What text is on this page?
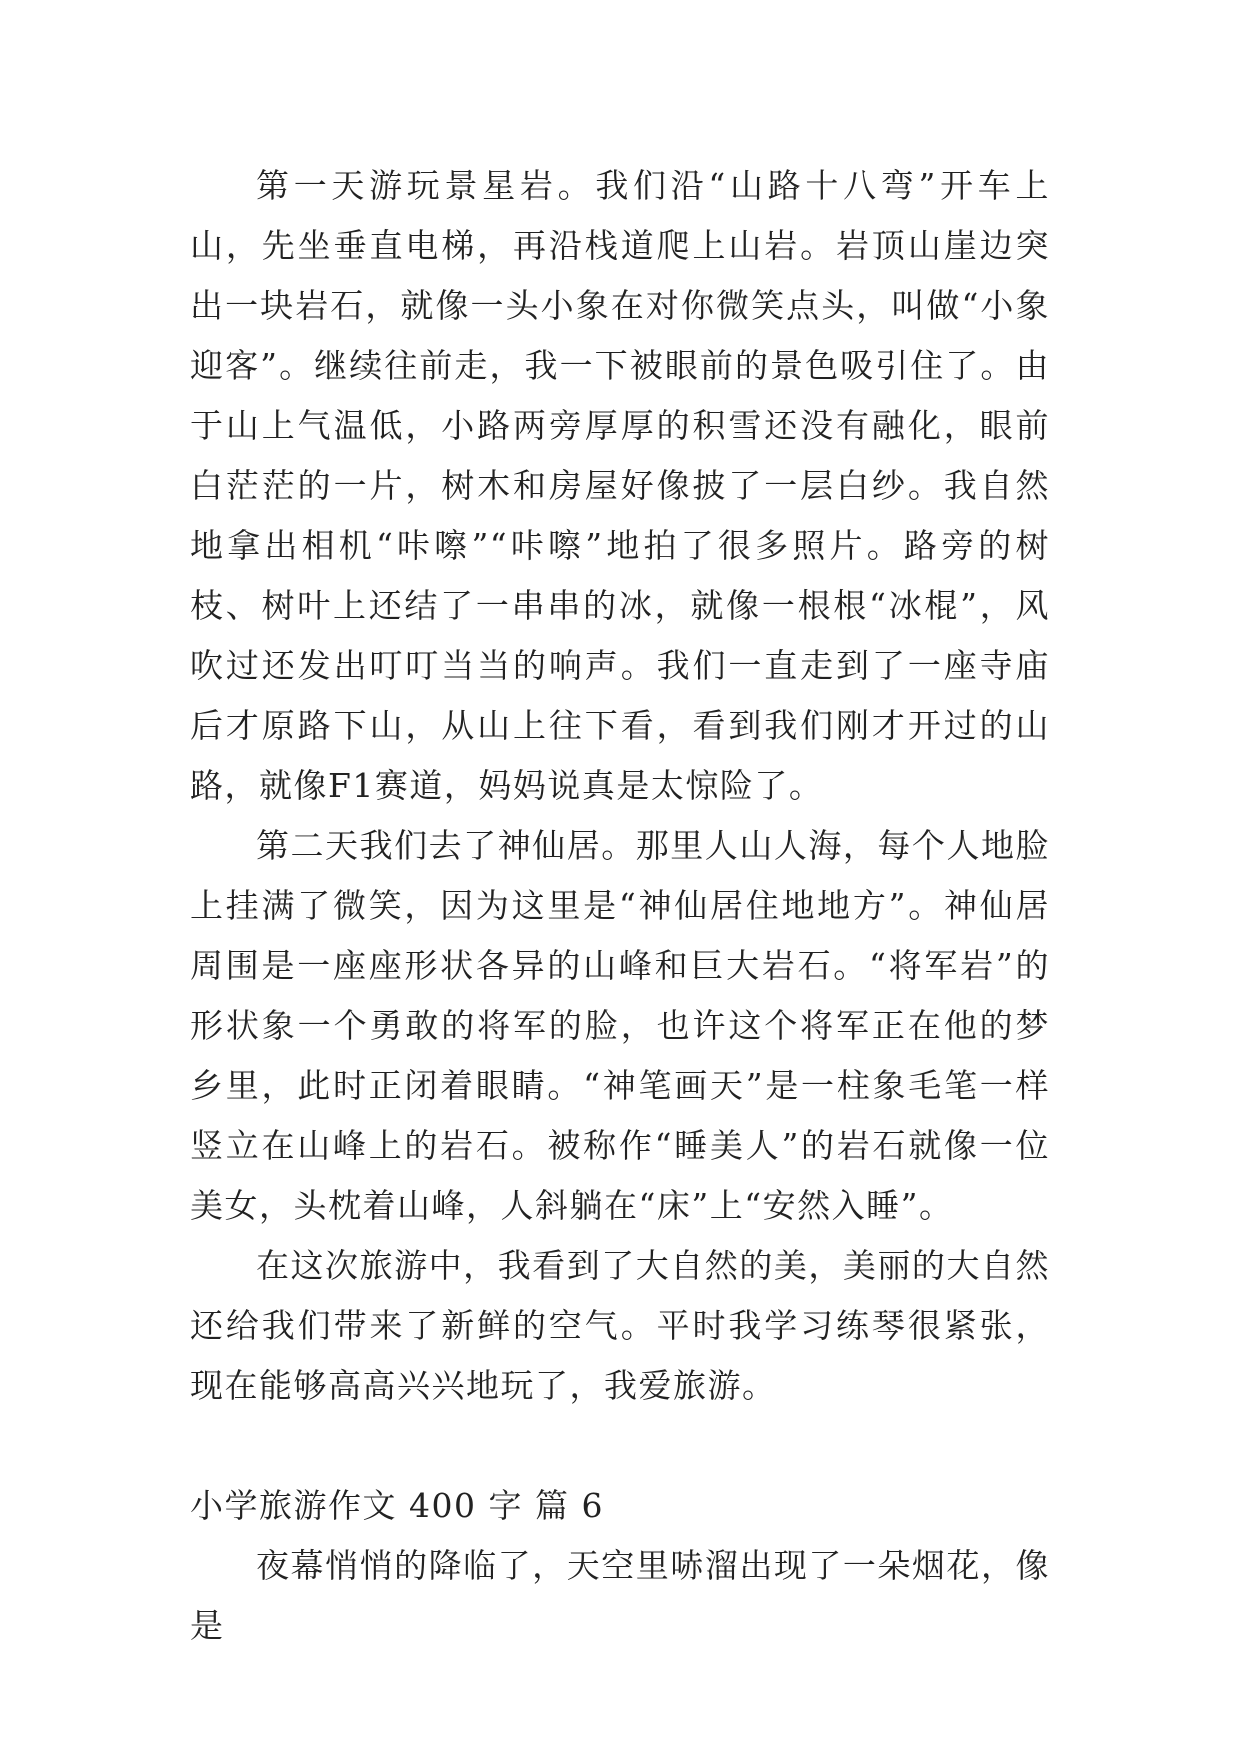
第一天游玩景星岩。我们沿“山路十八弯”开车上山，先坐垂直电梯，再沿栈道爬上山岩。岩顶山崖边突出一块岩石，就像一头小象在对你微笑点头，叫做“小象迎客”。继续往前走，我一下被眼前的景色吸引住了。由于山上气温低，小路两旁厚厚的积雪还没有融化，眼前白茫茫的一片，树木和房屋好像披了一层白纱。我自然地拿出相机“咔嚓”“咔嚓”地拍了很多照片。路旁的树枝、树叶上还结了一串串的冰，就像一根根“冰棍”，风吹过还发出叮叮当当的响声。我们一直走到了一座寺庙后才原路下山，从山上往下看，看到我们刚才开过的山路，就像F1赛道，妈妈说真是太惊险了。

第二天我们去了神仙居。那里人山人海，每个人地脸上挂满了微笑，因为这里是“神仙居住地地方”。神仙居周围是一座座形状各异的山峰和巨大岩石。“将军岩”的形状象一个勇敢的将军的脸，也许这个将军正在他的梦乡里，此时正闭着眼睛。“神笔画天”是一柱象毛笔一样竖立在山峰上的岩石。被称作“睡美人”的岩石就像一位美女，头枕着山峰，人斜躺在“床”上“安然入睡”。

在这次旅游中，我看到了大自然的美，美丽的大自然还给我们带来了新鲜的空气。平时我学习练琴很紧张，现在能够高高兴兴地玩了，我爱旅游。

小学旅游作文 400 字 篇 6

夜幕悄悄的降临了，天空里哧溜出现了一朵烟花，像是
